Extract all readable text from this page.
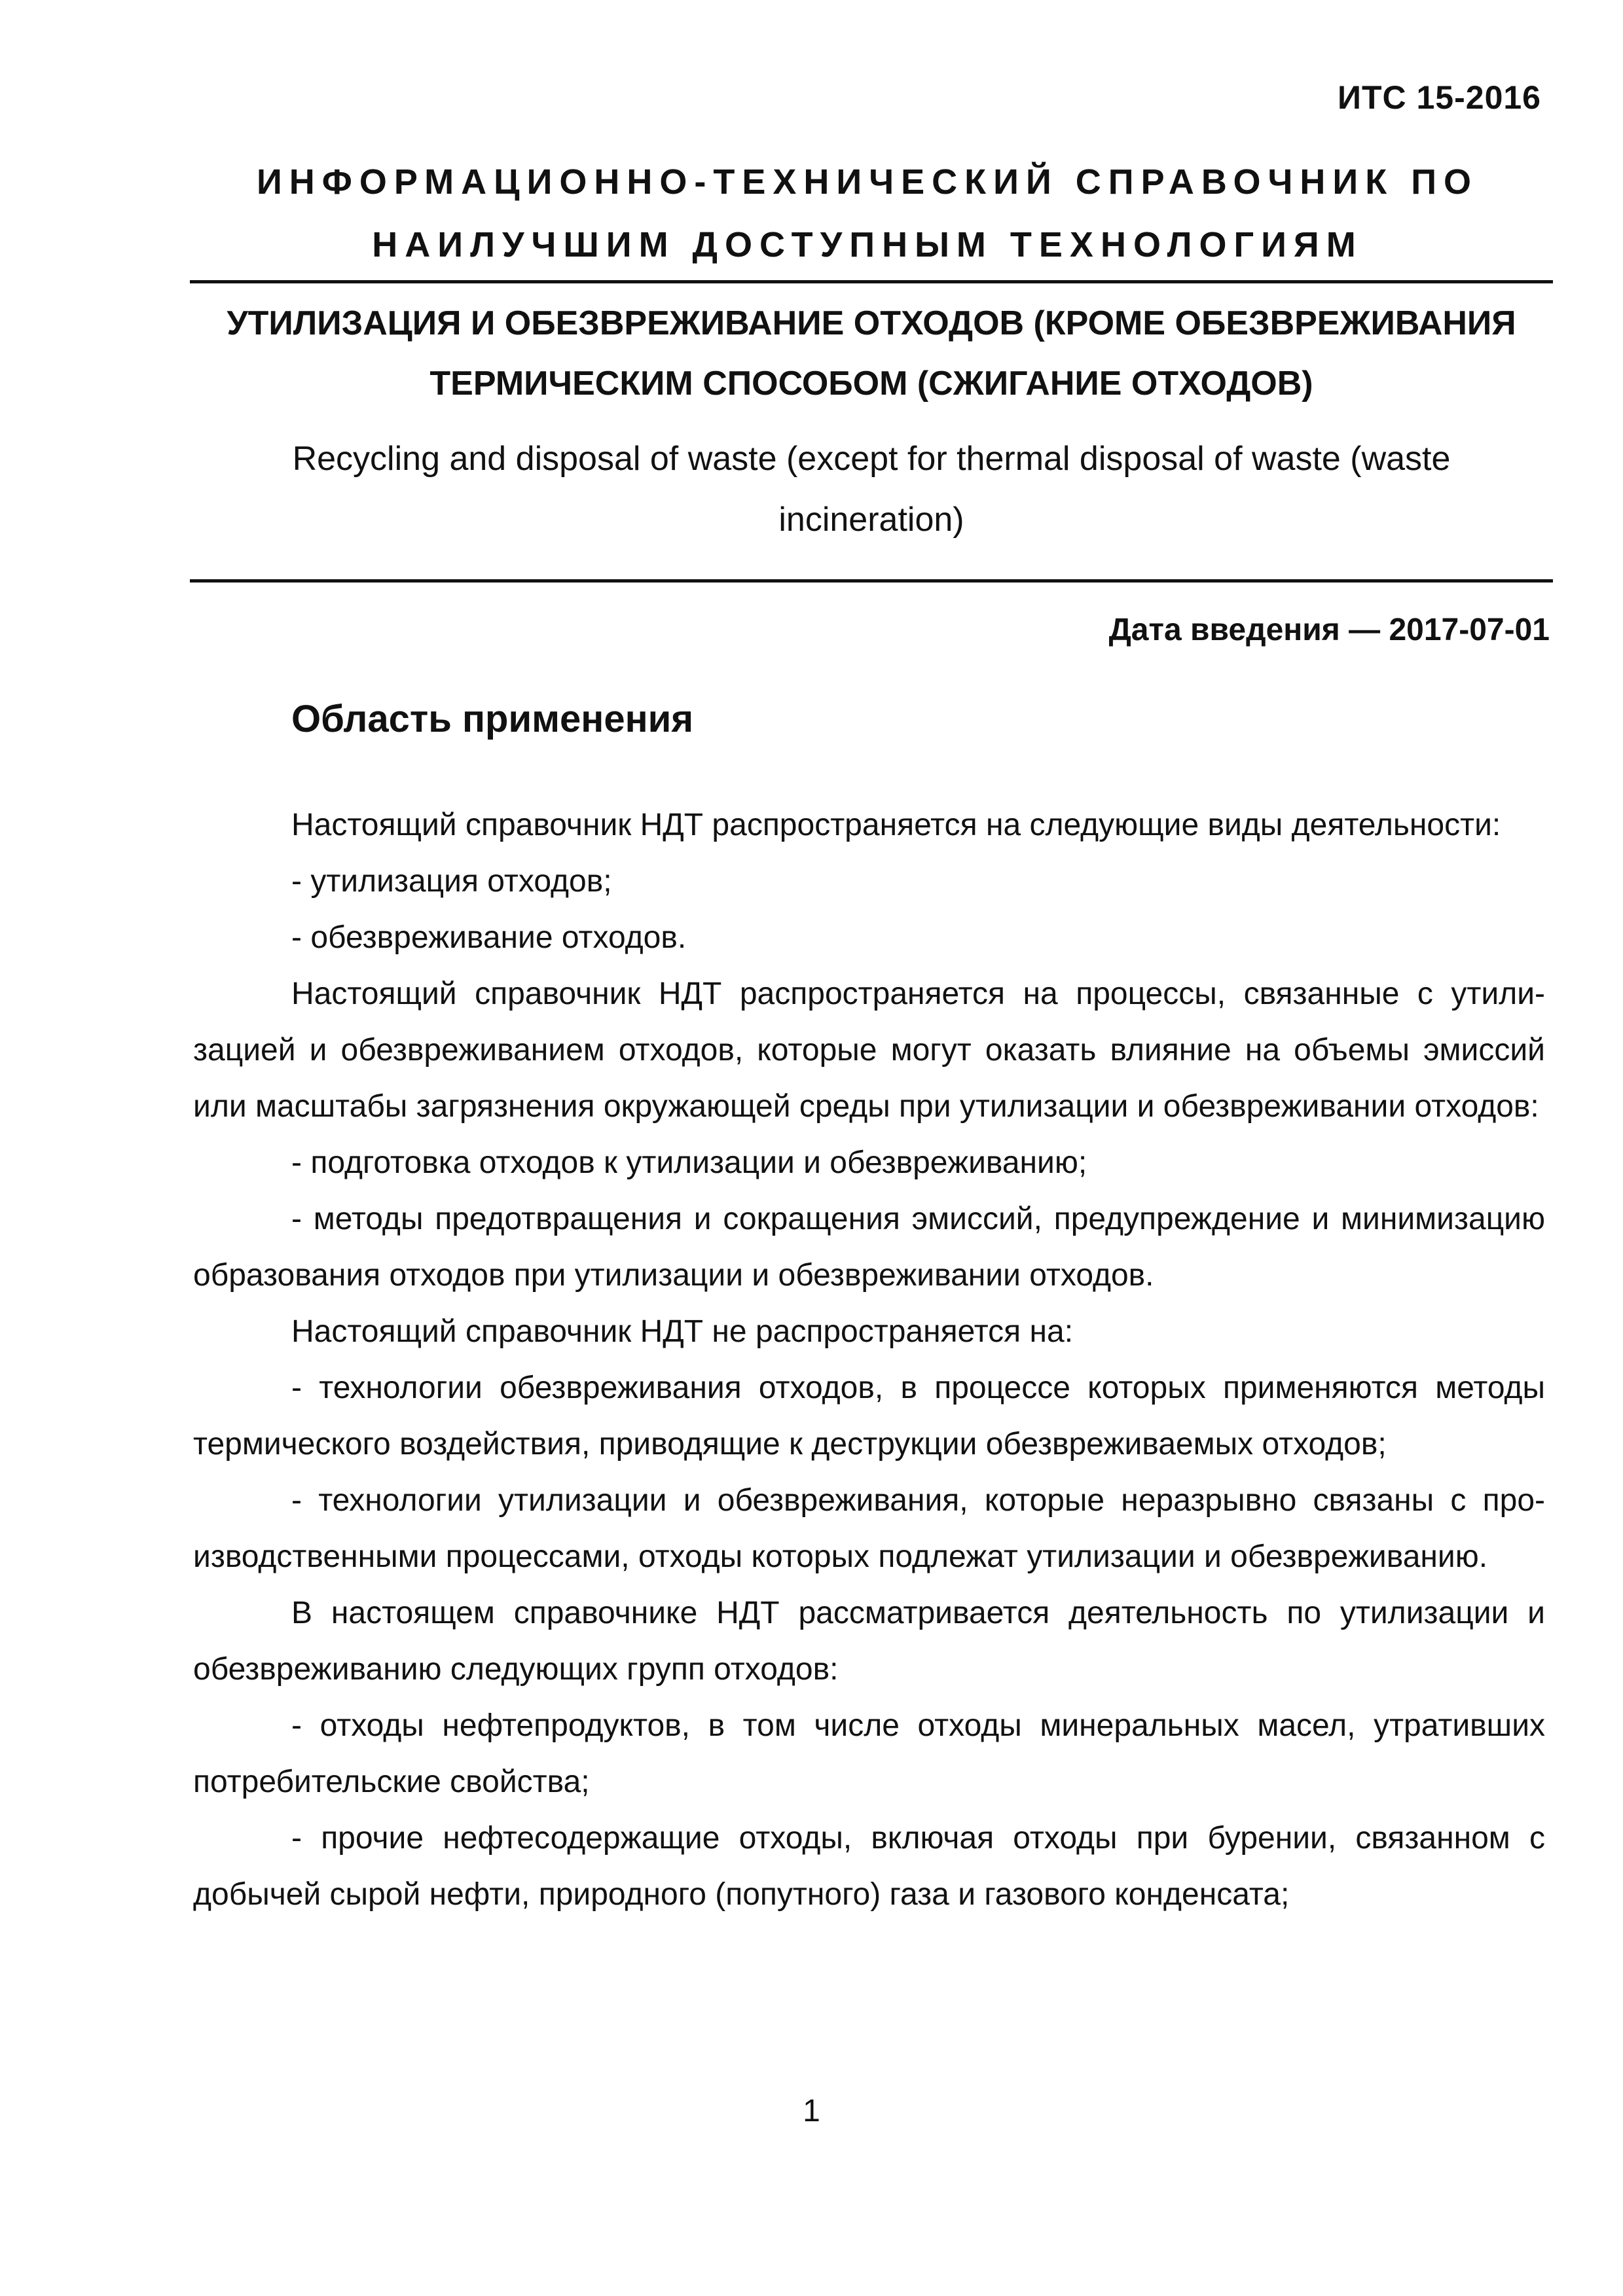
ИТС 15-2016
ИНФОРМАЦИОННО-ТЕХНИЧЕСКИЙ СПРАВОЧНИК ПО
НАИЛУЧШИМ ДОСТУПНЫМ ТЕХНОЛОГИЯМ
УТИЛИЗАЦИЯ И ОБЕЗВРЕЖИВАНИЕ ОТХОДОВ (КРОМЕ ОБЕЗВРЕЖИВАНИЯ
ТЕРМИЧЕСКИМ СПОСОБОМ (СЖИГАНИЕ ОТХОДОВ)
Recycling and disposal of waste (except for thermal disposal of waste (waste
incineration)
Дата введения — 2017-07-01
Область применения

Настоящий справочник НДТ распространяется на следующие виды деятельности:

- утилизация отходов;

- обезвреживание отходов.

Настоящий справочник НДТ распространяется на процессы, связанные с утилизацией и обезвреживанием отходов, которые могут оказать влияние на объемы эмиссий или масштабы загрязнения окружающей среды при утилизации и обезвреживании отходов:

- подготовка отходов к утилизации и обезвреживанию;

- методы предотвращения и сокращения эмиссий, предупреждение и минимизацию образования отходов при утилизации и обезвреживании отходов.

Настоящий справочник НДТ не распространяется на:

- технологии обезвреживания отходов, в процессе которых применяются методы термического воздействия, приводящие к деструкции обезвреживаемых отходов;

- технологии утилизации и обезвреживания, которые неразрывно связаны с производственными процессами, отходы которых подлежат утилизации и обезвреживанию.

В настоящем справочнике НДТ рассматривается деятельность по утилизации и обезвреживанию следующих групп отходов:

- отходы нефтепродуктов, в том числе отходы минеральных масел, утративших потребительские свойства;

- прочие нефтесодержащие отходы, включая отходы при бурении, связанном с добычей сырой нефти, природного (попутного) газа и газового конденсата;

1
